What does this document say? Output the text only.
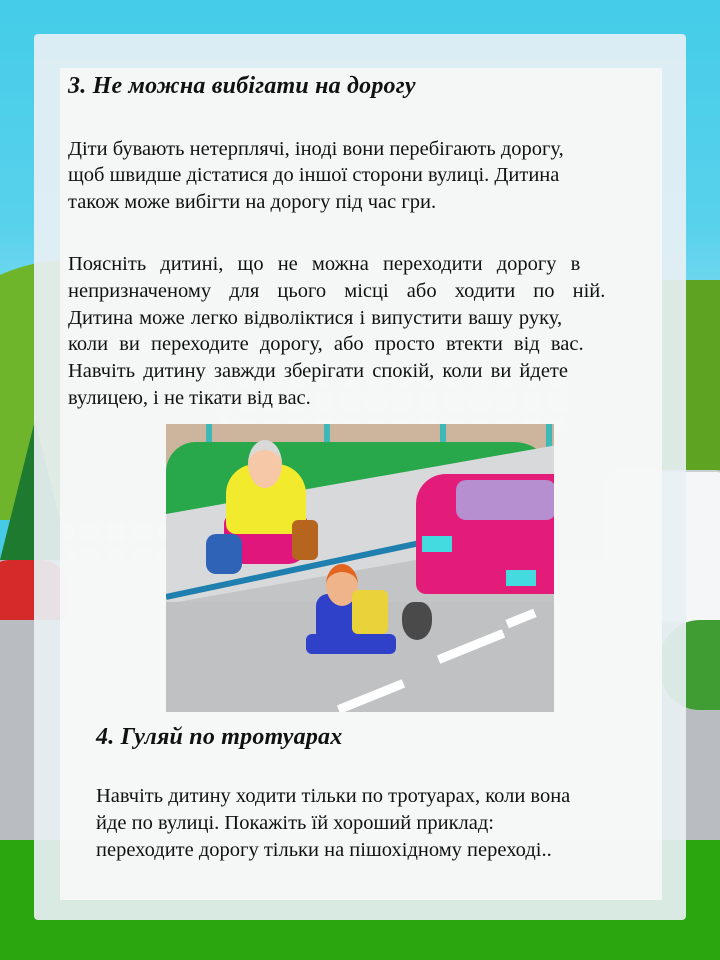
3. Не можна вибігати на дорогу

Діти бувають нетерплячі, іноді вони перебігають дорогу,

щоб швидше дістатися до іншої сторони вулиці. Дитина

також може вибігти на дорогу під час гри.

Поясніть дитині, що не можна переходити дорогу в

непризначеному для цього місці або ходити по ній.

Дитина може легко відволіктися і випустити вашу руку,

коли ви переходите дорогу, або просто втекти від вас.

Навчіть дитину завжди зберігати спокій, коли ви йдете

вулицею, і не тікати від вас.

4. Гуляй по тротуарах

Навчіть дитину ходити тільки по тротуарах, коли вона

йде по вулиці. Покажіть їй хороший приклад:

переходите дорогу тільки на пішохідному переході..
